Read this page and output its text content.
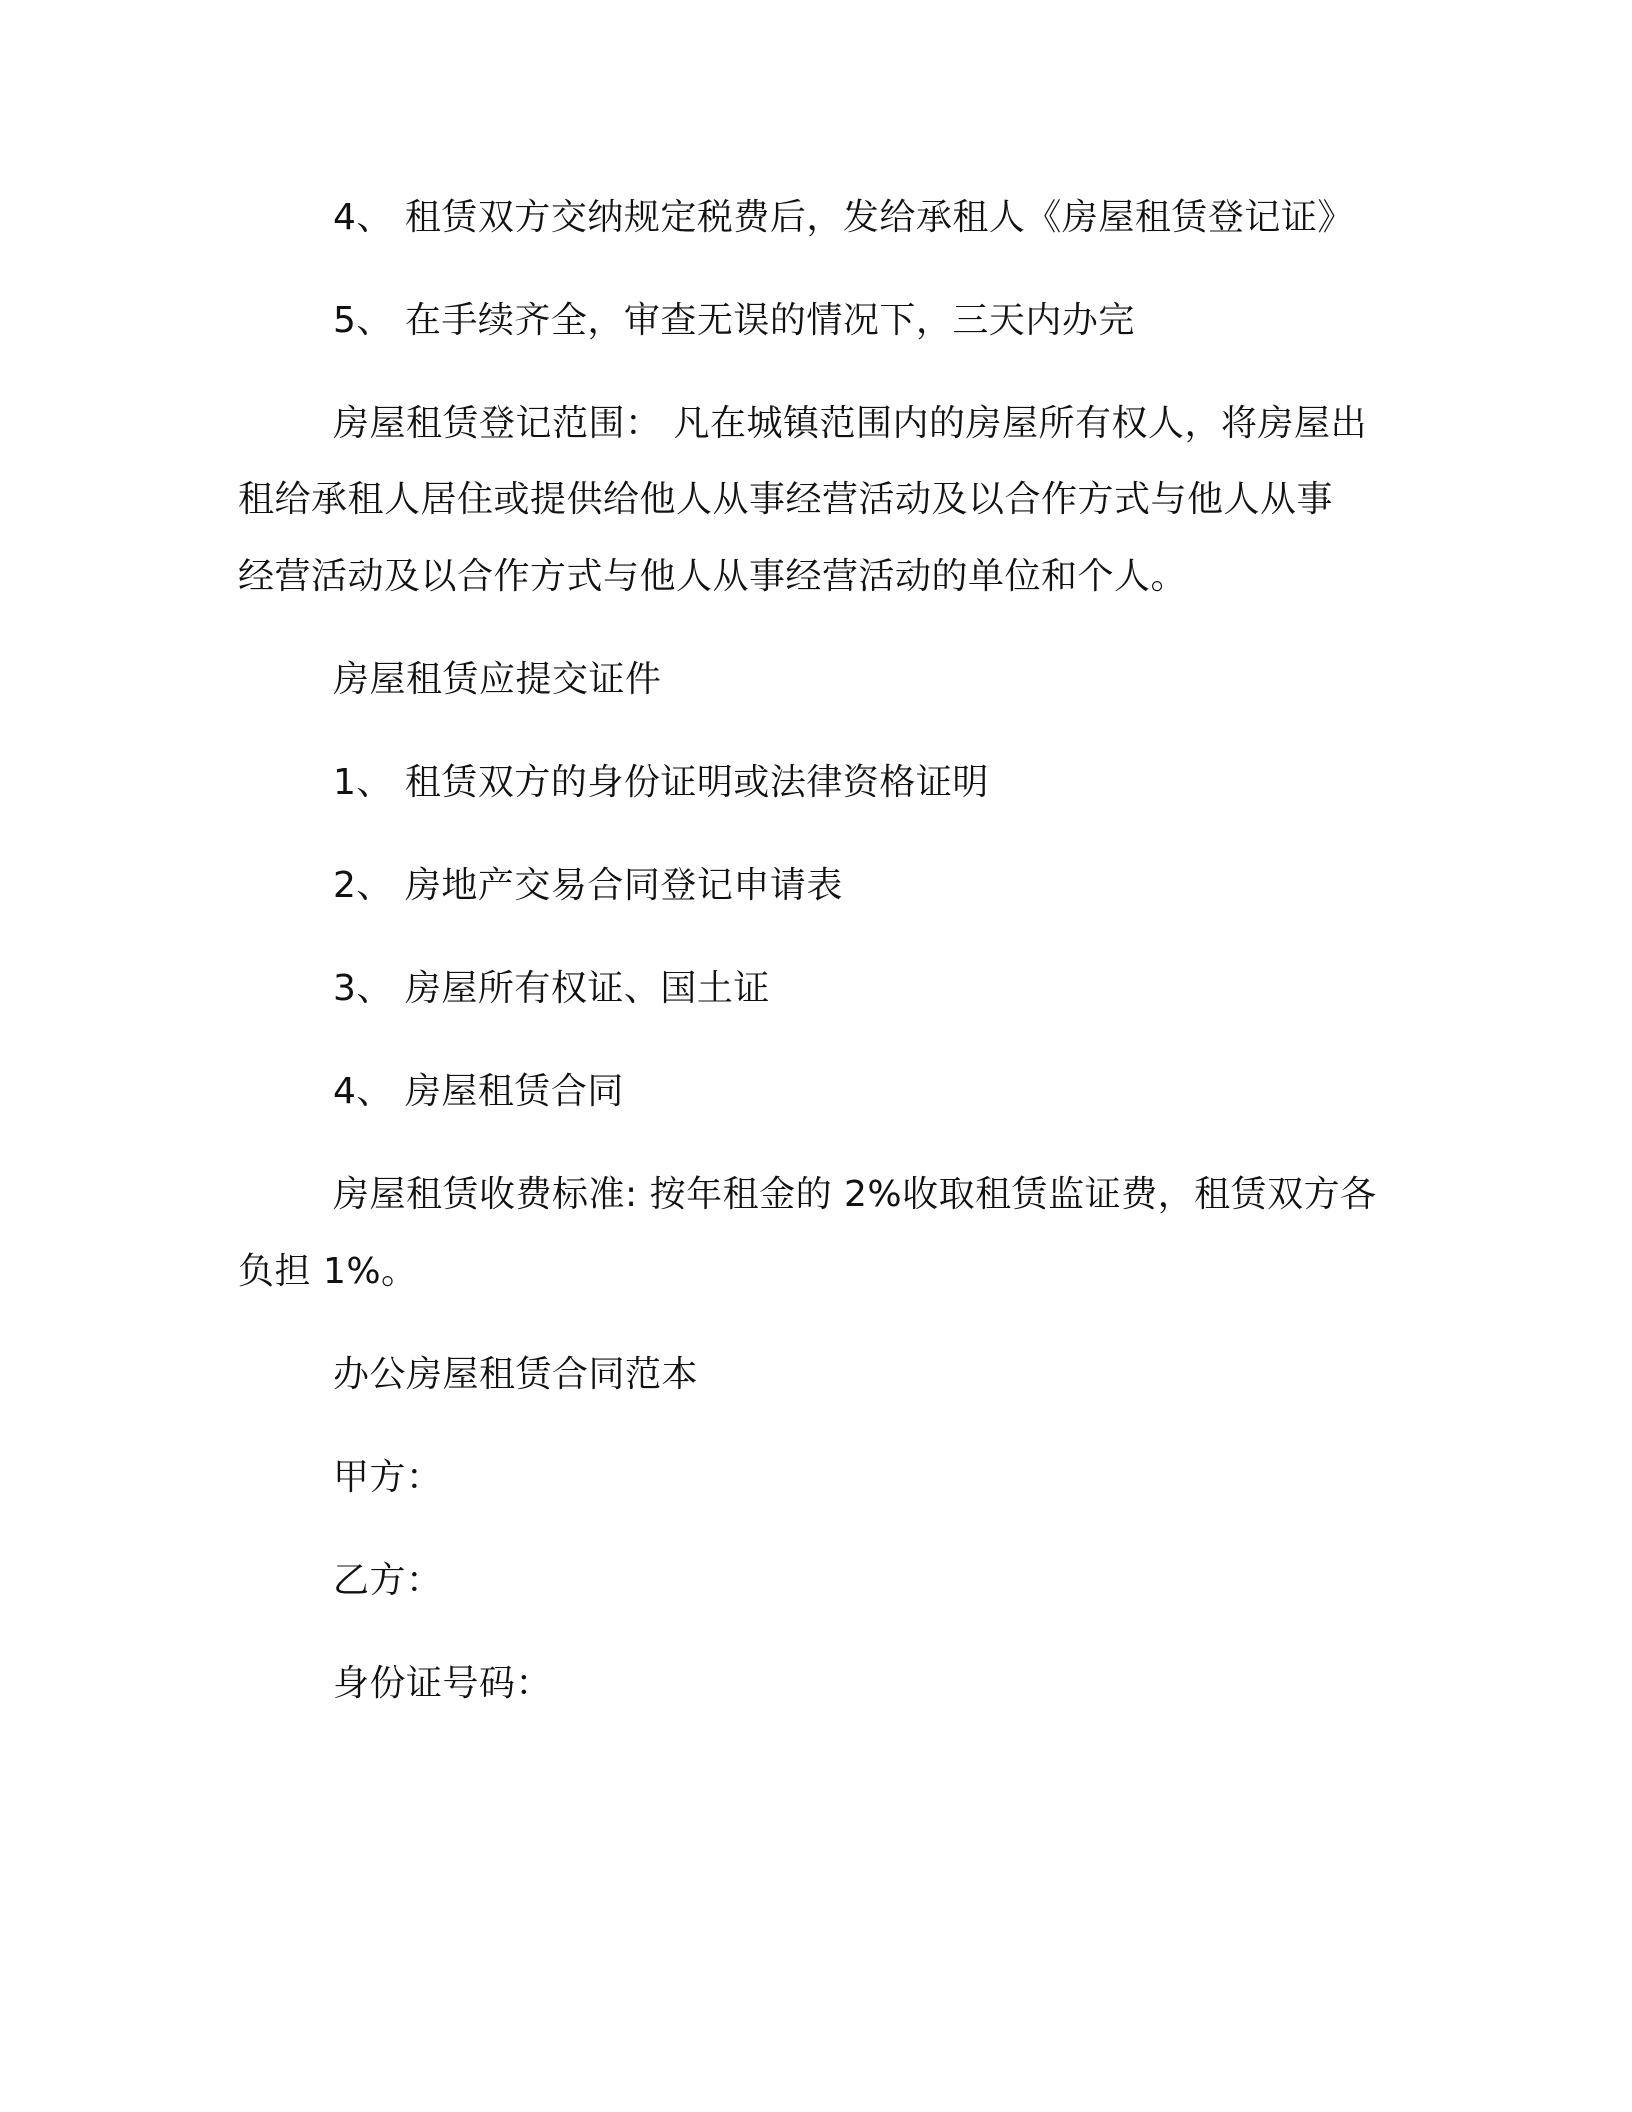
4、 租赁双方交纳规定税费后，发给承租人《房屋租赁登记证》
5、 在手续齐全，审查无误的情况下，三天内办完
房屋租赁登记范围： 凡在城镇范围内的房屋所有权人，将房屋出
租给承租人居住或提供给他人从事经营活动及以合作方式与他人从事
经营活动及以合作方式与他人从事经营活动的单位和个人。
房屋租赁应提交证件
1、 租赁双方的身份证明或法律资格证明
2、 房地产交易合同登记申请表
3、 房屋所有权证、国土证
4、 房屋租赁合同
房屋租赁收费标准: 按年租金的 2%收取租赁监证费，租赁双方各
负担 1%。
办公房屋租赁合同范本
甲方：
乙方：
身份证号码：
